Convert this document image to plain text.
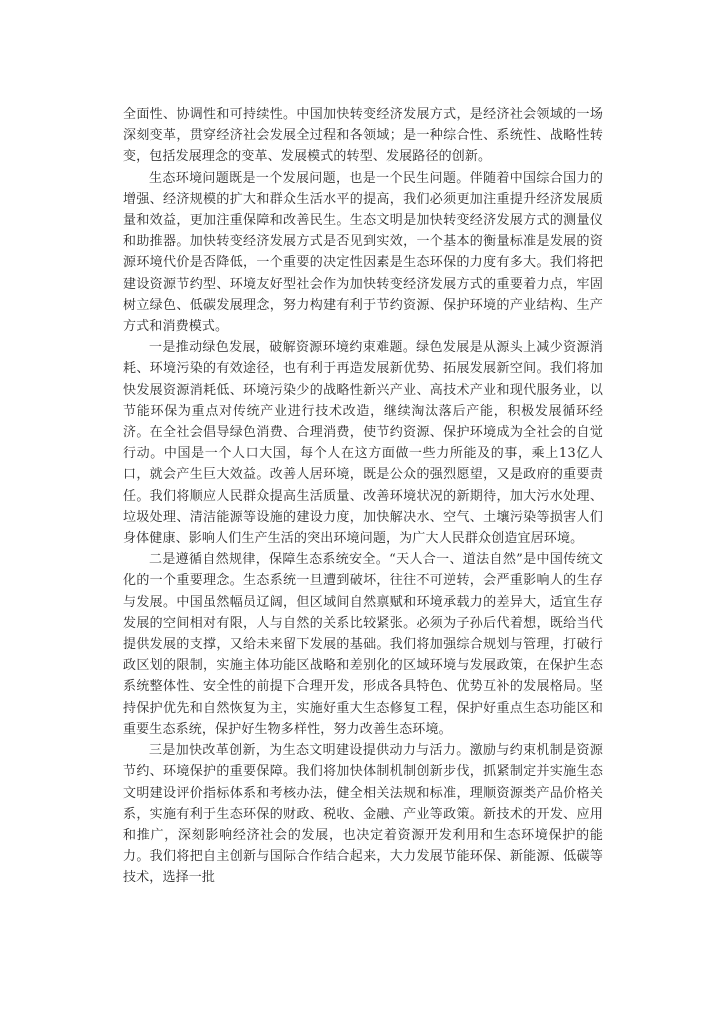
全面性、协调性和可持续性。中国加快转变经济发展方式，是经济社会领域的一场深刻变革，贯穿经济社会发展全过程和各领域；是一种综合性、系统性、战略性转变，包括发展理念的变革、发展模式的转型、发展路径的创新。

生态环境问题既是一个发展问题，也是一个民生问题。伴随着中国综合国力的增强、经济规模的扩大和群众生活水平的提高，我们必须更加注重提升经济发展质量和效益，更加注重保障和改善民生。生态文明是加快转变经济发展方式的测量仪和助推器。加快转变经济发展方式是否见到实效，一个基本的衡量标准是发展的资源环境代价是否降低，一个重要的决定性因素是生态环保的力度有多大。我们将把建设资源节约型、环境友好型社会作为加快转变经济发展方式的重要着力点，牢固树立绿色、低碳发展理念，努力构建有利于节约资源、保护环境的产业结构、生产方式和消费模式。

一是推动绿色发展，破解资源环境约束难题。绿色发展是从源头上减少资源消耗、环境污染的有效途径，也有利于再造发展新优势、拓展发展新空间。我们将加快发展资源消耗低、环境污染少的战略性新兴产业、高技术产业和现代服务业，以节能环保为重点对传统产业进行技术改造，继续淘汰落后产能，积极发展循环经济。在全社会倡导绿色消费、合理消费，使节约资源、保护环境成为全社会的自觉行动。中国是一个人口大国，每个人在这方面做一些力所能及的事，乘上13亿人口，就会产生巨大效益。改善人居环境，既是公众的强烈愿望，又是政府的重要责任。我们将顺应人民群众提高生活质量、改善环境状况的新期待，加大污水处理、垃圾处理、清洁能源等设施的建设力度，加快解决水、空气、土壤污染等损害人们身体健康、影响人们生产生活的突出环境问题，为广大人民群众创造宜居环境。

二是遵循自然规律，保障生态系统安全。“天人合一、道法自然”是中国传统文化的一个重要理念。生态系统一旦遭到破坏，往往不可逆转，会严重影响人的生存与发展。中国虽然幅员辽阔，但区域间自然禀赋和环境承载力的差异大，适宜生存发展的空间相对有限，人与自然的关系比较紧张。必须为子孙后代着想，既给当代提供发展的支撑，又给未来留下发展的基础。我们将加强综合规划与管理，打破行政区划的限制，实施主体功能区战略和差别化的区域环境与发展政策，在保护生态系统整体性、安全性的前提下合理开发，形成各具特色、优势互补的发展格局。坚持保护优先和自然恢复为主，实施好重大生态修复工程，保护好重点生态功能区和重要生态系统，保护好生物多样性，努力改善生态环境。

三是加快改革创新，为生态文明建设提供动力与活力。激励与约束机制是资源节约、环境保护的重要保障。我们将加快体制机制创新步伐，抓紧制定并实施生态文明建设评价指标体系和考核办法，健全相关法规和标准，理顺资源类产品价格关系，实施有利于生态环保的财政、税收、金融、产业等政策。新技术的开发、应用和推广，深刻影响经济社会的发展，也决定着资源开发利用和生态环境保护的能力。我们将把自主创新与国际合作结合起来，大力发展节能环保、新能源、低碳等技术，选择一批
